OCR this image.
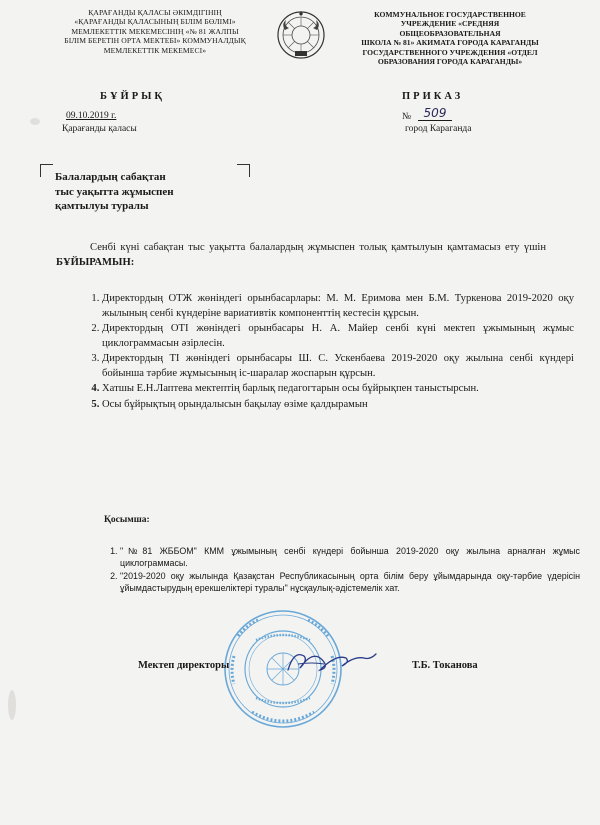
ҚАРАҒАНДЫ ҚАЛАСЫ ӘКІМДІГІНІҢ
«ҚАРАҒАНДЫ ҚАЛАСЫНЫҢ БІЛІМ БӨЛІМІ»
МЕМЛЕКЕТТІК МЕКЕМЕСІНІҢ «№ 81 ЖАЛПЫ
БІЛІМ БЕРЕТІН ОРТА МЕКТЕБІ» КОММУНАЛДЫҚ
МЕМЛЕКЕТТІК МЕКЕМЕСІ»
КОММУНАЛЬНОЕ ГОСУДАРСТВЕННОЕ
УЧРЕЖДЕНИЕ «СРЕДНЯЯ ОБЩЕОБРАЗОВАТЕЛЬНАЯ
ШКОЛА № 81» АКИМАТА ГОРОДА КАРАГАНДЫ
ГОСУДАРСТВЕННОГО УЧРЕЖДЕНИЯ «ОТДЕЛ
ОБРАЗОВАНИЯ ГОРОДА КАРАГАНДЫ»
БҰЙРЫҚ	ПРИКАЗ
09.10.2019 г.
Қарағанды қаласы
№	509
город Караганда
Балалардың сабақтан
тыс уақытта жұмыспен
қамтылуы туралы
Сенбі күні сабақтан тыс уақытта балалардың жұмыспен толық қамтылуын қамтамасыз ету үшін БҰЙЫРАМЫН:
1. Директордың ОТЖ жөніндегі орынбасарлары: М. М. Еримова мен Б.М. Туркенова 2019-2020 оқу жылының сенбі күндеріне вариативтік компоненттің кестесін құрсын.
2. Директордың ОТІ жөніндегі орынбасары Н. А. Майер сенбі күні мектеп ұжымының жұмыс циклограммасын әзірлесін.
3. Директордың ТІ жөніндегі орынбасары Ш. С. Ускенбаева 2019-2020 оқу жылына сенбі күндері бойынша тәрбие жұмысының іс-шаралар жоспарын құрсын.
4. Хатшы Е.Н.Лаптева мектептің барлық педагогтарын осы бұйрықпен таныстырсын.
5. Осы бұйрықтың орындалысын бақылау өзіме қалдырамын
Қосымша:
1. "№81 ЖББОМ" КММ ұжымының сенбі күндері бойынша 2019-2020 оқу жылына арналған жұмыс циклограммасы.
2. "2019-2020 оқу жылында Қазақстан Республикасының орта білім беру ұйымдарында оқу-тәрбие үдерісін ұйымдастырудың ерекшеліктері туралы" нұсқаулық-әдістемелік хат.
Мектеп директоры	Т.Б. Токанова
